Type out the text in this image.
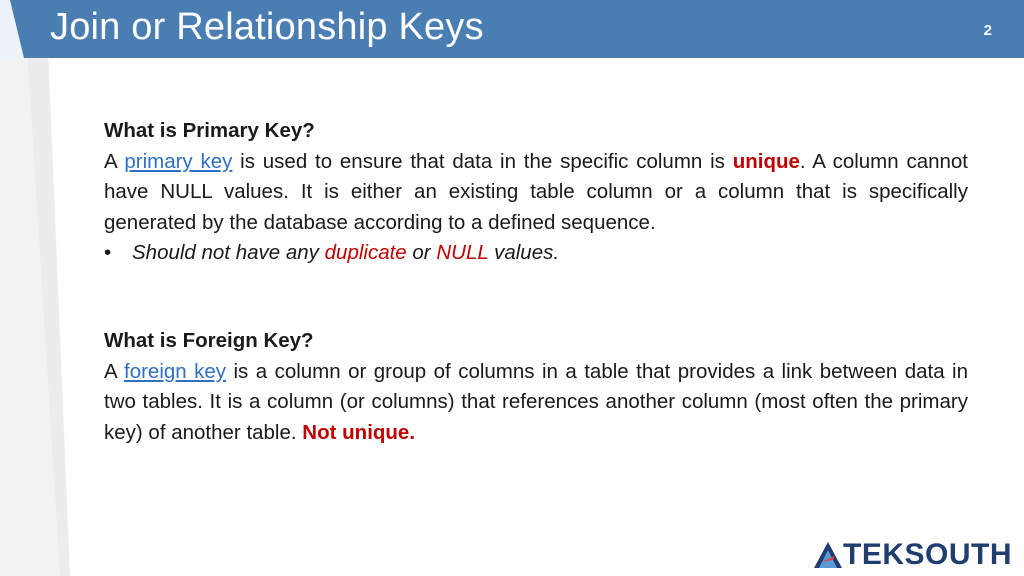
Join or Relationship Keys	2
What is Primary Key?
A primary key is used to ensure that data in the specific column is unique. A column cannot have NULL values. It is either an existing table column or a column that is specifically generated by the database according to a defined sequence.
•	Should not have any duplicate or NULL values.
What is Foreign Key?
A foreign key is a column or group of columns in a table that provides a link between data in two tables. It is a column (or columns) that references another column (most often the primary key) of another table. Not unique.
TEKSOUTH
